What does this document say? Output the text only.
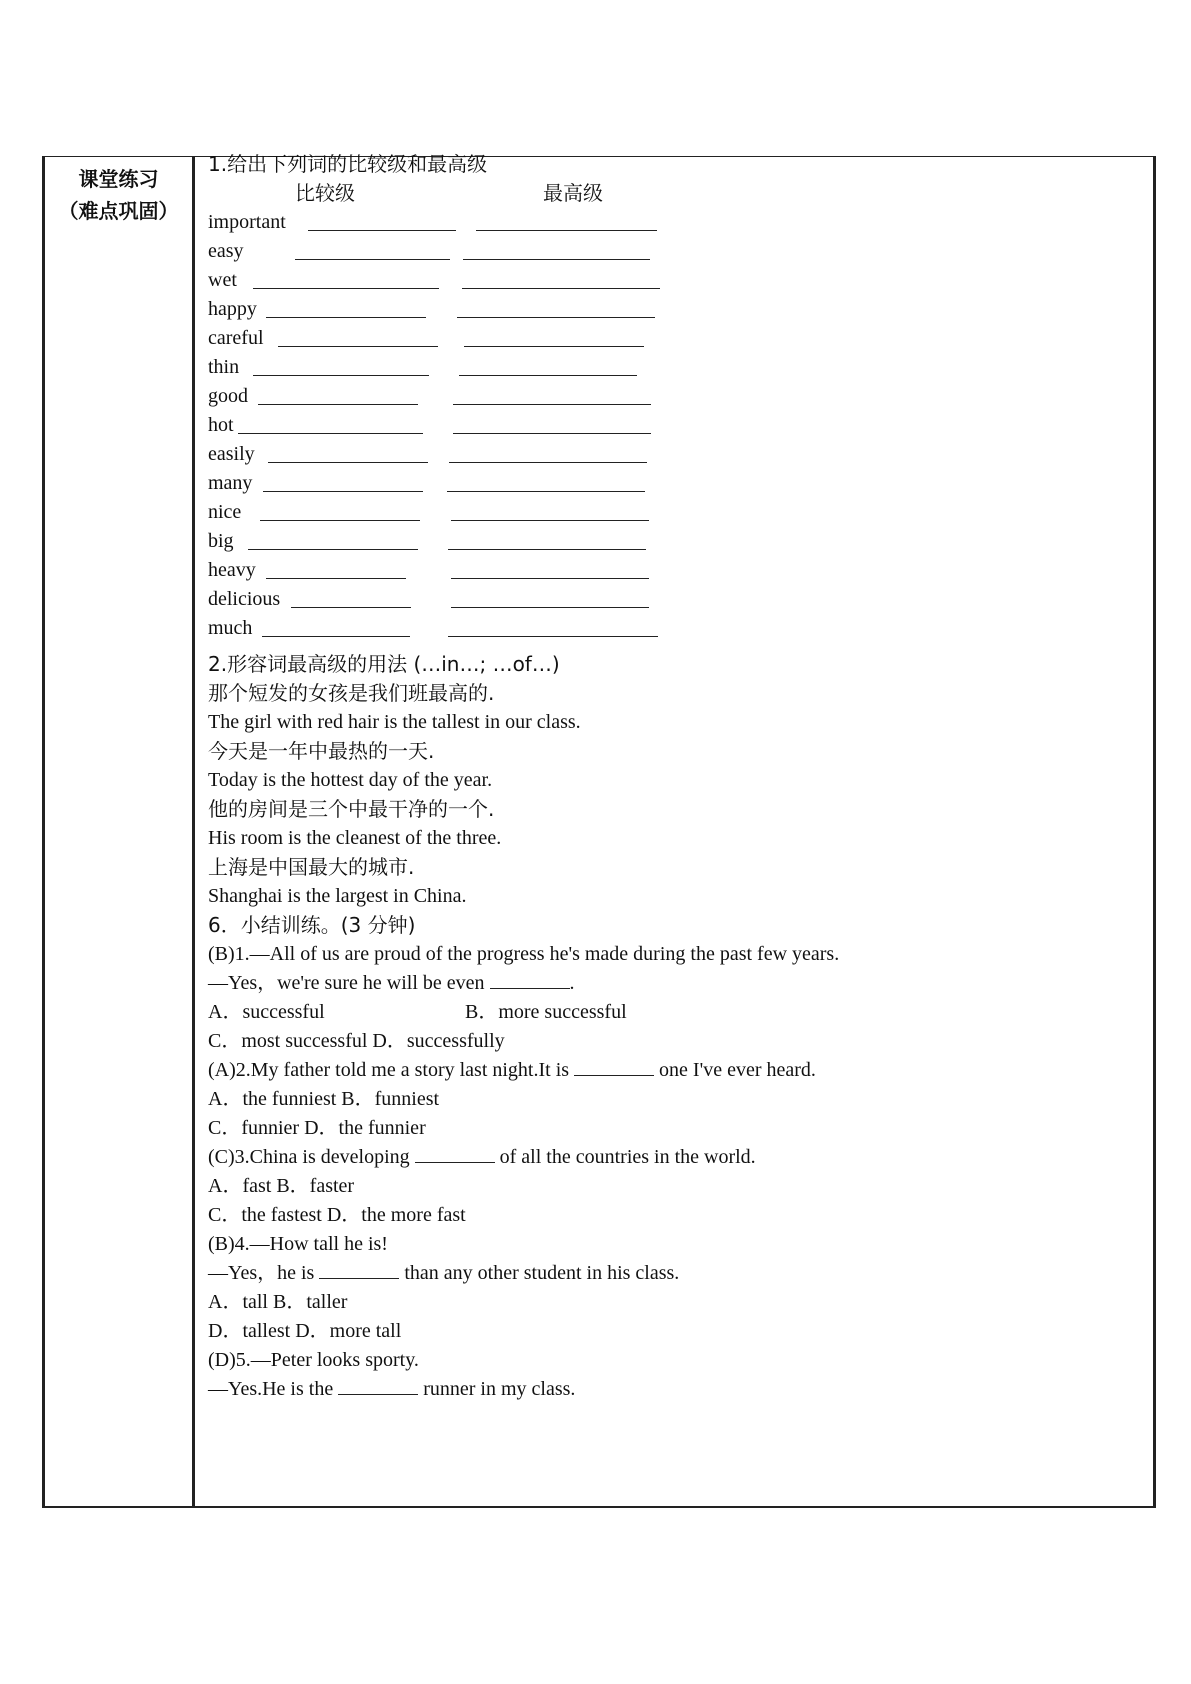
课堂练习
（难点巩固）
1.给出下列词的比较级和最高级
比较级	最高级
important
easy
wet
happy
careful
thin
good
hot
easily
many
nice
big
heavy
delicious
much
2.形容词最高级的用法 (…in…; …of…)
那个短发的女孩是我们班最高的.
The girl with red hair is the tallest in our class.
今天是一年中最热的一天.
Today is the hottest day of the year.
他的房间是三个中最干净的一个.
His room is the cleanest of the three.
上海是中国最大的城市.
Shanghai is the largest in China.
6．小结训练。(3 分钟)
(B)1.—All of us are proud of the progress he's made during the past few years.
—Yes，we're sure he will be even	.
A．successful	B．more successful
C．most successful D．successfully
(A)2.My father told me a story last night.It is	one I've ever heard.
A．the funniest B．funniest
C．funnier D．the funnier
(C)3.China is developing	of all the countries in the world.
A．fast B．faster
C．the fastest D．the more fast
(B)4.—How tall he is!
—Yes，he is	than any other student in his class.
A．tall B．taller
D．tallest D．more tall
(D)5.—Peter looks sporty.
—Yes.He is the	runner in my class.
